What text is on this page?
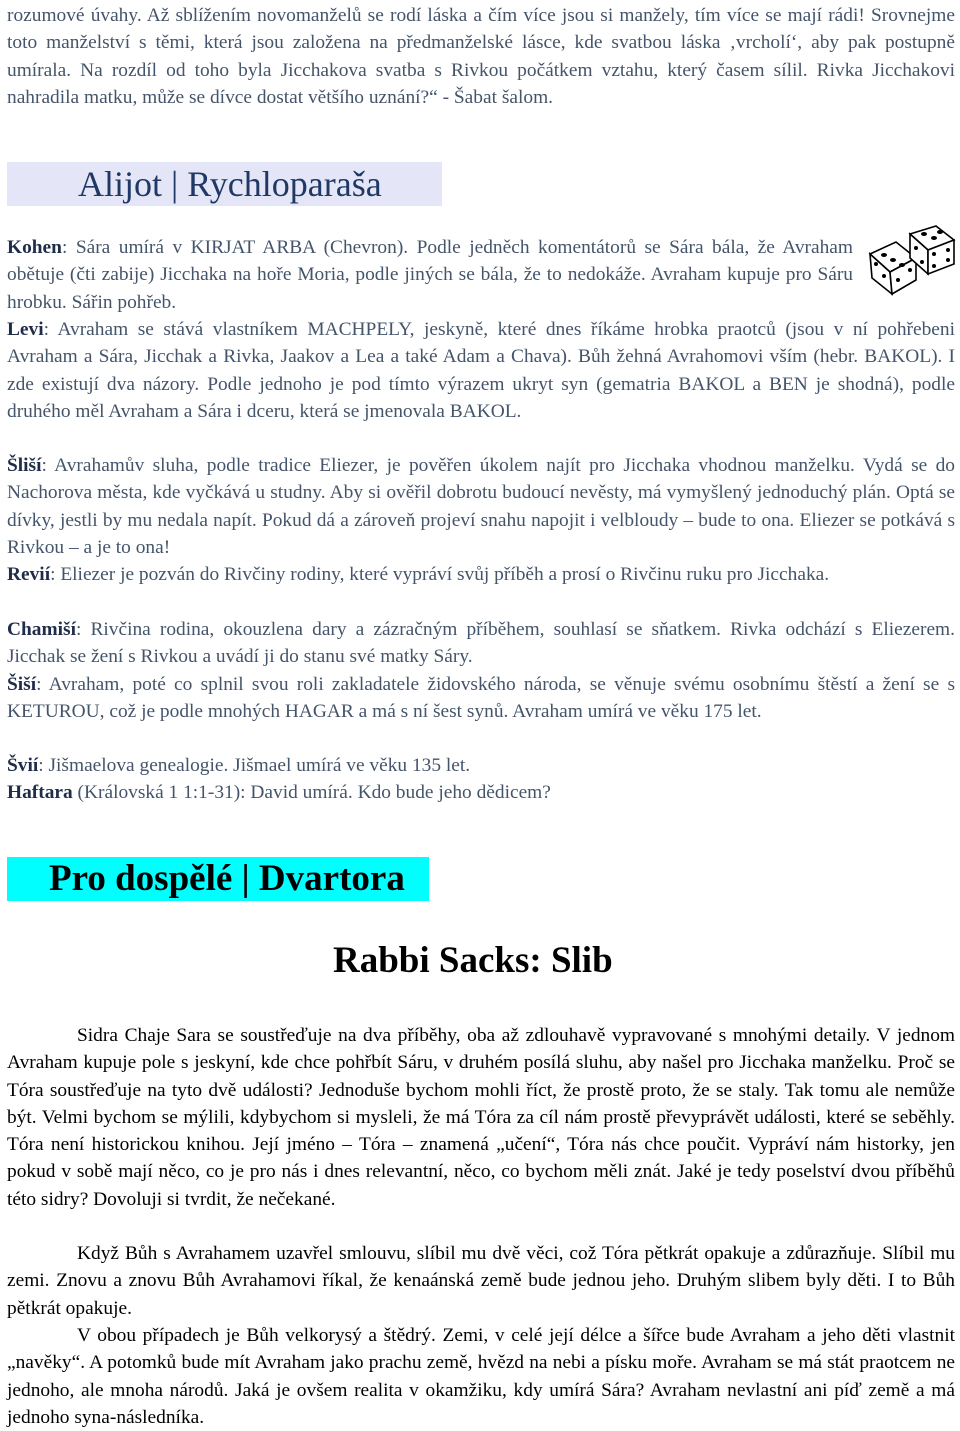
rozumové úvahy. Až sblížením novomanželů se rodí láska a čím více jsou si manžely, tím více se mají rádi! Srovnejme toto manželství s těmi, která jsou založena na předmanželské lásce, kde svatbou láska ‚vrcholí‘, aby pak postupně umírala. Na rozdíl od toho byla Jicchakova svatba s Rivkou počátkem vztahu, který časem sílil. Rivka Jicchakovi nahradila matku, může se dívce dostat většího uznání?“ - Šabat šalom.

Alijot | Rychloparaša

Kohen: Sára umírá v KIRJAT ARBA (Chevron). Podle jedněch komentátorů se Sára bála, že Avraham obětuje (čti zabije) Jicchaka na hoře Moria, podle jiných se bála, že to nedokáže. Avraham kupuje pro Sáru hrobku. Sářin pohřeb.

Levi: Avraham se stává vlastníkem MACHPELY, jeskyně, které dnes říkáme hrobka praotců (jsou v ní pohřebeni Avraham a Sára, Jicchak a Rivka, Jaakov a Lea a také Adam a Chava). Bůh žehná Avrahomovi vším (hebr. BAKOL). I zde existují dva názory. Podle jednoho je pod tímto výrazem ukryt syn (gematria BAKOL a BEN je shodná), podle druhého měl Avraham a Sára i dceru, která se jmenovala BAKOL.

Šliší: Avrahamův sluha, podle tradice Eliezer, je pověřen úkolem najít pro Jicchaka vhodnou manželku. Vydá se do Nachorova města, kde vyčkává u studny. Aby si ověřil dobrotu budoucí nevěsty, má vymyšlený jednoduchý plán. Optá se dívky, jestli by mu nedala napít. Pokud dá a zároveň projeví snahu napojit i velbloudy – bude to ona. Eliezer se potkává s Rivkou – a je to ona!

Revií: Eliezer je pozván do Rivčiny rodiny, které vypráví svůj příběh a prosí o Rivčinu ruku pro Jicchaka.

Chamiší: Rivčina rodina, okouzlena dary a zázračným příběhem, souhlasí se sňatkem. Rivka odchází s Eliezerem. Jicchak se žení s Rivkou a uvádí ji do stanu své matky Sáry.

Šiší: Avraham, poté co splnil svou roli zakladatele židovského národa, se věnuje svému osobnímu štěstí a žení se s KETUROU, což je podle mnohých HAGAR a má s ní šest synů. Avraham umírá ve věku 175 let.

Švií: Jišmaelova genealogie. Jišmael umírá ve věku 135 let.

Haftara (Královská 1 1:1-31): David umírá. Kdo bude jeho dědicem?

Pro dospělé | Dvartora
Rabbi Sacks: Slib

Sidra Chaje Sara se soustřeďuje na dva příběhy, oba až zdlouhavě vypravované s mnohými detaily. V jednom Avraham kupuje pole s jeskyní, kde chce pohřbít Sáru, v druhém posílá sluhu, aby našel pro Jicchaka manželku. Proč se Tóra soustřeďuje na tyto dvě události? Jednoduše bychom mohli říct, že prostě proto, že se staly. Tak tomu ale nemůže být. Velmi bychom se mýlili, kdybychom si mysleli, že má Tóra za cíl nám prostě převyprávět události, které se seběhly. Tóra není historickou knihou. Její jméno – Tóra – znamená „učení“, Tóra nás chce poučit. Vypráví nám historky, jen pokud v sobě mají něco, co je pro nás i dnes relevantní, něco, co bychom měli znát. Jaké je tedy poselství dvou příběhů této sidry? Dovoluji si tvrdit, že nečekané.

Když Bůh s Avrahamem uzavřel smlouvu, slíbil mu dvě věci, což Tóra pětkrát opakuje a zdůrazňuje. Slíbil mu zemi. Znovu a znovu Bůh Avrahamovi říkal, že kenaánská země bude jednou jeho. Druhým slibem byly děti. I to Bůh pětkrát opakuje.

V obou případech je Bůh velkorysý a štědrý. Zemi, v celé její délce a šířce bude Avraham a jeho děti vlastnit „navěky“. A potomků bude mít Avraham jako prachu země, hvězd na nebi a písku moře. Avraham se má stát praotcem ne jednoho, ale mnoha národů. Jaká je ovšem realita v okamžiku, kdy umírá Sára? Avraham nevlastní ani píď země a má jednoho syna-následníka.
